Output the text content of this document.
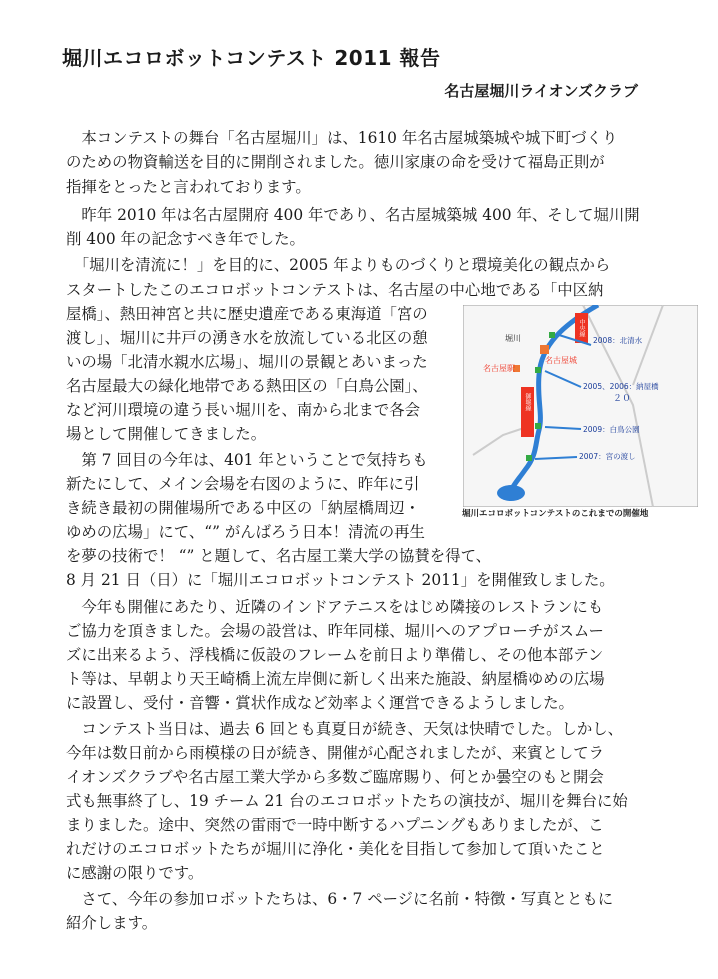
堀川エコロボットコンテスト 2011 報告
名古屋堀川ライオンズクラブ
　本コンテストの舞台「名古屋堀川」は、1610 年名古屋城築城や城下町づくり
のための物資輸送を目的に開削されました。徳川家康の命を受けて福島正則が
指揮をとったと言われております。
　昨年 2010 年は名古屋開府 400 年であり、名古屋城築城 400 年、そして堀川開
削 400 年の記念すべき年でした。
　「堀川を清流に！」を目的に、2005 年よりものづくりと環境美化の観点から
スタートしたこのエコロボットコンテストは、名古屋の中心地である「中区納
屋橋」、熱田神宮と共に歴史遺産である東海道「宮の
渡し」、堀川に井戸の湧き水を放流している北区の憩
いの場「北清水親水広場」、堀川の景観とあいまった
名古屋最大の緑化地帯である熱田区の「白鳥公園」、
など河川環境の違う長い堀川を、南から北まで各会
場として開催してきました。
　第 7 回目の今年は、401 年ということで気持ちも
新たにして、メイン会場を右図のように、昨年に引
き続き最初の開催場所である中区の「納屋橋周辺・
ゆめの広場」にて、“” がんばろう日本！清流の再生
を夢の技術で！ “” と題して、名古屋工業大学の協賛を得て、
8 月 21 日（日）に「堀川エコロボットコンテスト 2011」を開催致しました。
　今年も開催にあたり、近隣のインドアテニスをはじめ隣接のレストランにも
ご協力を頂きました。会場の設営は、昨年同様、堀川へのアプローチがスムー
ズに出来るよう、浮桟橋に仮設のフレームを前日より準備し、その他本部テン
ト等は、早朝より天王崎橋上流左岸側に新しく出来た施設、納屋橋ゆめの広場
に設置し、受付・音響・賞状作成など効率よく運営できるようしました。
　コンテスト当日は、過去 6 回とも真夏日が続き、天気は快晴でした。しかし、
今年は数日前から雨模様の日が続き、開催が心配されましたが、来賓としてラ
イオンズクラブや名古屋工業大学から多数ご臨席賜り、何とか曇空のもと開会
式も無事終了し、19 チーム 21 台のエコロボットたちの演技が、堀川を舞台に始
まりました。途中、突然の雷雨で一時中断するハプニングもありましたが、こ
れだけのエコロボットたちが堀川に浄化・美化を目指して参加して頂いたこと
に感謝の限りです。
　さて、今年の参加ロボットたちは、6・7 ページに名前・特徴・写真とともに
紹介します。
中央線
御堀線
堀川
名古屋城
名古屋駅
2008：北清水
2005、2006：納屋橋
２０
2009：白鳥公園
2007：宮の渡し
堀川エコロボットコンテストのこれまでの開催地
